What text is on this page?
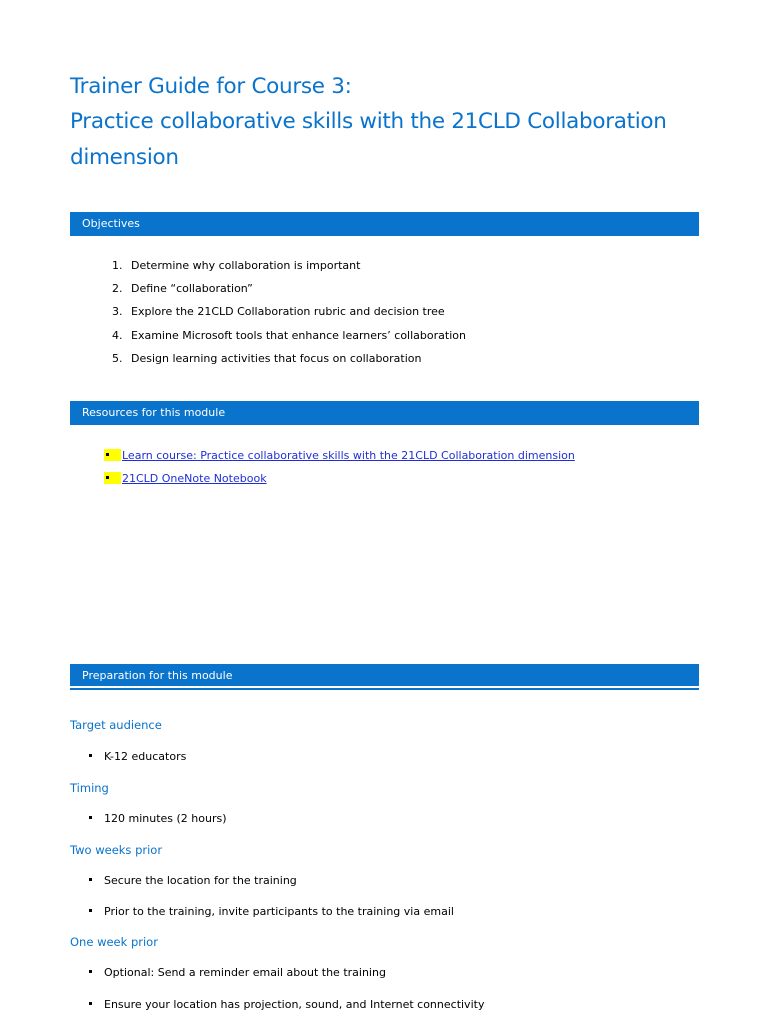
Trainer Guide for Course 3:
Practice collaborative skills with the 21CLD Collaboration
dimension
Objectives
1. Determine why collaboration is important
2. Define “collaboration”
3. Explore the 21CLD Collaboration rubric and decision tree
4. Examine Microsoft tools that enhance learners’ collaboration
5. Design learning activities that focus on collaboration
Resources for this module
Learn course: Practice collaborative skills with the 21CLD Collaboration dimension
21CLD OneNote Notebook
Preparation for this module
Target audience
K-12 educators
Timing
120 minutes (2 hours)
Two weeks prior
Secure the location for the training
Prior to the training, invite participants to the training via email
One week prior
Optional: Send a reminder email about the training
Ensure your location has projection, sound, and Internet connectivity
